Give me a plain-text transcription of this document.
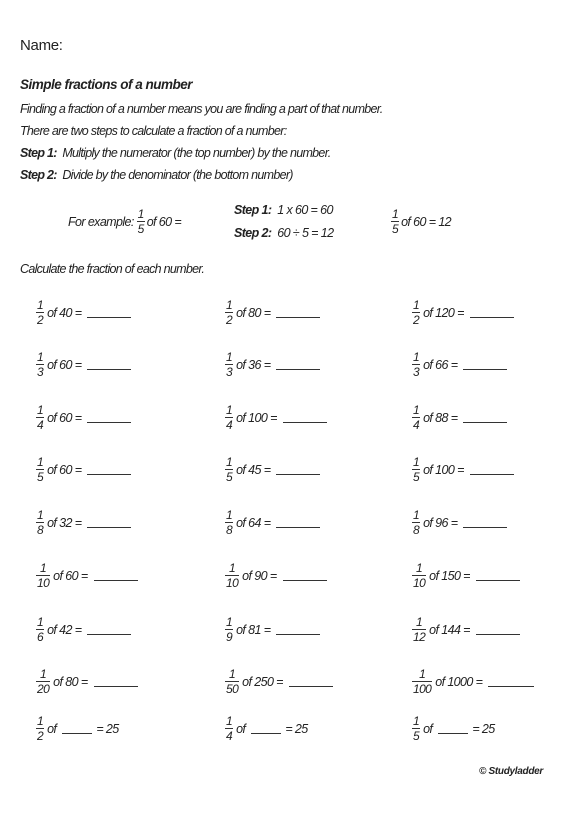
Name:
Simple fractions of a number
Finding a fraction of a number means you are finding a part of that number.
There are two steps to calculate a fraction of a number:
Step 1: Multiply the numerator (the top number) by the number.
Step 2: Divide by the denominator (the bottom number)
For example:
$\frac{1}{5}$ of 60 =
Step 1: 1 x 60 = 60
Step 2: 60 ÷ 5 = 12	$\frac{1}{5}$ of 60 = 12
Calculate the fraction of each number.
$\frac{1}{2}$ of 40 =	$\frac{1}{2}$ of 80 =	$\frac{1}{2}$ of 120 =
$\frac{1}{3}$ of 60 =	$\frac{1}{3}$ of 36 =	$\frac{1}{3}$ of 66 =
$\frac{1}{4}$ of 60 =	$\frac{1}{4}$ of 100 =	$\frac{1}{4}$ of 88 =
$\frac{1}{5}$ of 60 =	$\frac{1}{5}$ of 45 =	$\frac{1}{5}$ of 100 =
$\frac{1}{8}$ of 32 =	$\frac{1}{8}$ of 64 =	$\frac{1}{8}$ of 96 =
$\frac{1}{10}$ of 60 =	$\frac{1}{10}$ of 90 =	$\frac{1}{10}$ of 150 =
$\frac{1}{6}$ of 42 =	$\frac{1}{9}$ of 81 =	$\frac{1}{12}$ of 144 =
$\frac{1}{20}$ of 80 =	$\frac{1}{50}$ of 250 =	$\frac{1}{100}$ of 1000 =
$\frac{1}{2}$ of	= 25	$\frac{1}{4}$ of	= 25	$\frac{1}{5}$ of	= 25
© Studyladder
